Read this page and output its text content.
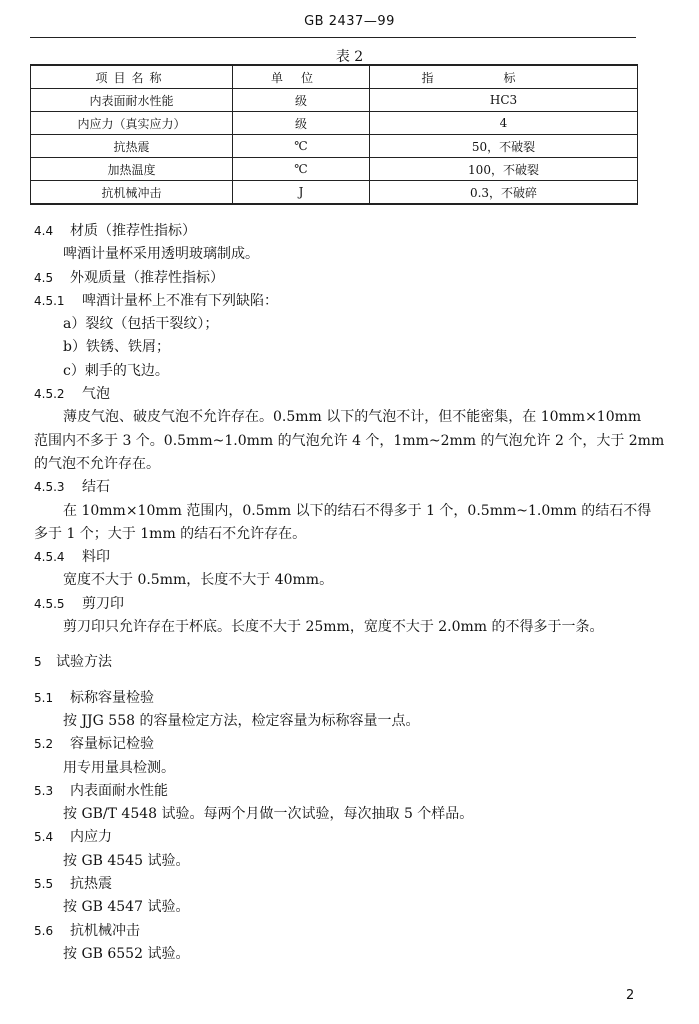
GB 2437—99
表 2
项目名称	单位	指标
内表面耐水性能	级	HC3
内应力（真实应力）	级	4
抗热震	℃	50，不破裂
加热温度	℃	100，不破裂
抗机械冲击	J	0.3，不破碎
4.4 材质（推荐性指标）
啤酒计量杯采用透明玻璃制成。
4.5 外观质量（推荐性指标）
4.5.1 啤酒计量杯上不准有下列缺陷：
a）裂纹（包括干裂纹）；
b）铁锈、铁屑；
c）刺手的飞边。
4.5.2 气泡
薄皮气泡、破皮气泡不允许存在。0.5mm 以下的气泡不计，但不能密集，在 10mm×10mm
范围内不多于 3 个。0.5mm~1.0mm 的气泡允许 4 个，1mm~2mm 的气泡允许 2 个，大于 2mm
的气泡不允许存在。
4.5.3 结石
在 10mm×10mm 范围内，0.5mm 以下的结石不得多于 1 个，0.5mm~1.0mm 的结石不得
多于 1 个；大于 1mm 的结石不允许存在。
4.5.4 料印
宽度不大于 0.5mm，长度不大于 40mm。
4.5.5 剪刀印
剪刀印只允许存在于杯底。长度不大于 25mm，宽度不大于 2.0mm 的不得多于一条。
5 试验方法
5.1 标称容量检验
按 JJG 558 的容量检定方法，检定容量为标称容量一点。
5.2 容量标记检验
用专用量具检测。
5.3 内表面耐水性能
按 GB/T 4548 试验。每两个月做一次试验，每次抽取 5 个样品。
5.4 内应力
按 GB 4545 试验。
5.5 抗热震
按 GB 4547 试验。
5.6 抗机械冲击
按 GB 6552 试验。
2
